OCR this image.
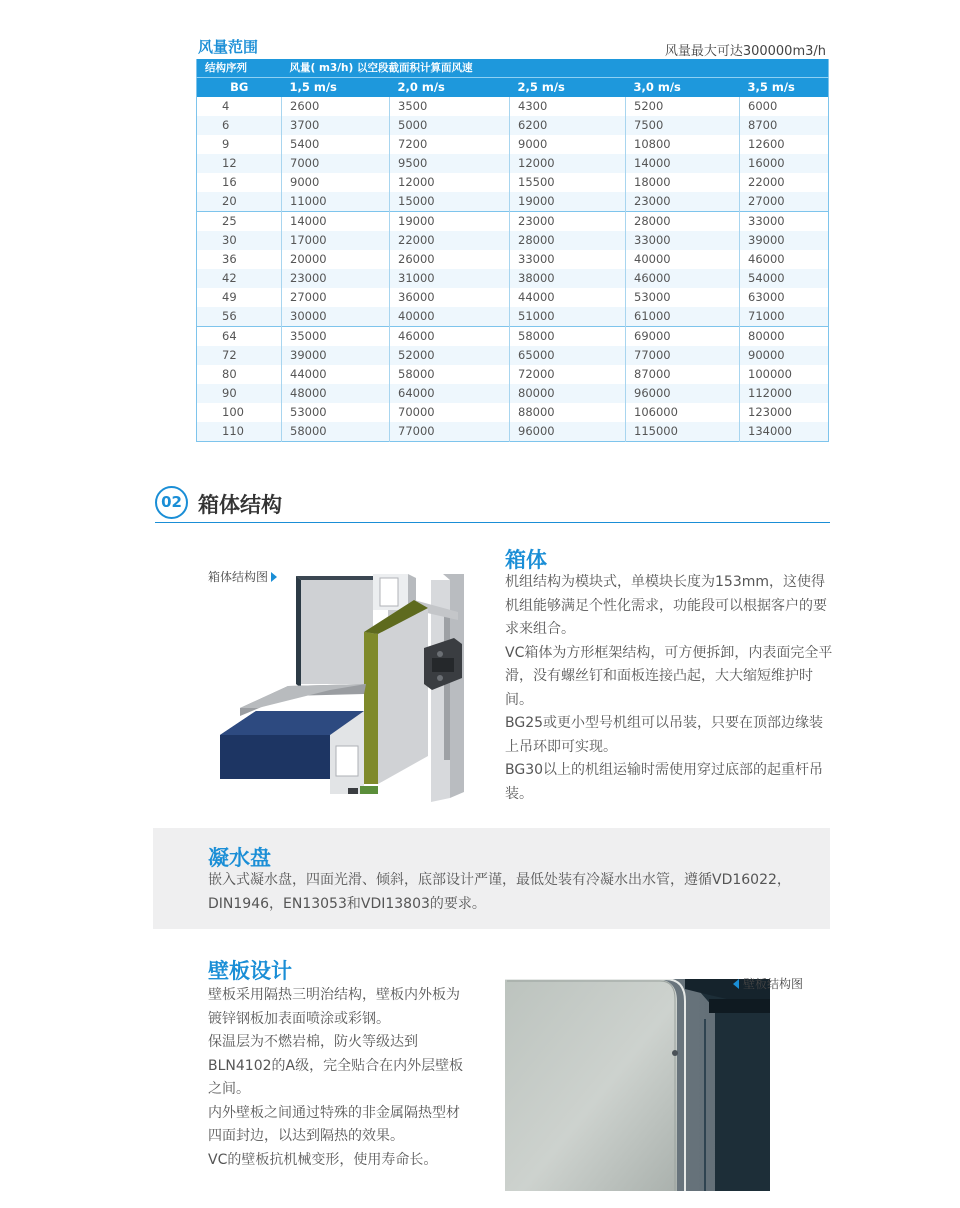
风量范围	风量最大可达300000m3/h
结构序列	风量( m3/h) 以空段截面积计算面风速				
BG	1,5 m/s	2,0 m/s	2,5 m/s	3,0 m/s	3,5 m/s
4	2600	3500	4300	5200	6000
6	3700	5000	6200	7500	8700
9	5400	7200	9000	10800	12600
12	7000	9500	12000	14000	16000
16	9000	12000	15500	18000	22000
20	11000	15000	19000	23000	27000
25	14000	19000	23000	28000	33000
30	17000	22000	28000	33000	39000
36	20000	26000	33000	40000	46000
42	23000	31000	38000	46000	54000
49	27000	36000	44000	53000	63000
56	30000	40000	51000	61000	71000
64	35000	46000	58000	69000	80000
72	39000	52000	65000	77000	90000
80	44000	58000	72000	87000	100000
90	48000	64000	80000	96000	112000
100	53000	70000	88000	106000	123000
110	58000	77000	96000	115000	134000
02 箱体结构
箱体结构图
箱体

机组结构为模块式，单模块长度为153mm，这使得机组能够满足个性化需求，功能段可以根据客户的要求来组合。

VC箱体为方形框架结构，可方便拆卸，内表面完全平滑，没有螺丝钉和面板连接凸起，大大缩短维护时间。

BG25或更小型号机组可以吊装，只要在顶部边缘装上吊环即可实现。

BG30以上的机组运输时需使用穿过底部的起重杆吊装。

凝水盘

嵌入式凝水盘，四面光滑、倾斜，底部设计严谨，最低处装有冷凝水出水管，遵循VD16022，DIN1946，EN13053和VDI13803的要求。

壁板设计

壁板采用隔热三明治结构，壁板内外板为镀锌钢板加表面喷涂或彩钢。

保温层为不燃岩棉，防火等级达到BLN4102的A级，完全贴合在内外层壁板之间。

内外壁板之间通过特殊的非金属隔热型材四面封边，以达到隔热的效果。

VC的壁板抗机械变形，使用寿命长。

壁板结构图
